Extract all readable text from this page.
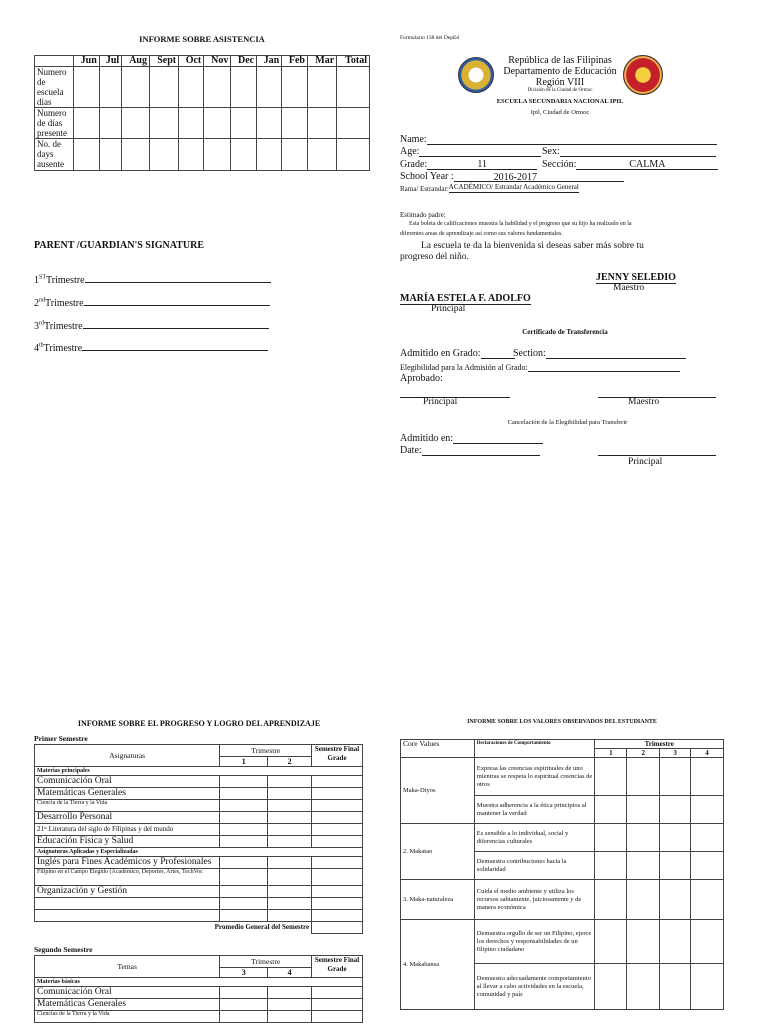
INFORME SOBRE ASISTENCIA
	Jun	Jul	Aug	Sept	Oct	Nov	Dec	Jan	Feb	Mar	Total
Numero de escuela dias											
Numero de días presente											
No. de days ausente											
PARENT /GUARDIAN'S SIGNATURE
1STTrimestre
2ndTrimestre
3rdTrimestre
4thTrimestre
Formulario 138 del DepEd
República de las Filipinas
Departamento de Educación
Región VIII
División de la Ciudad de Ormoc
ESCUELA SECUNDARIA NACIONAL IPIL
Ipil, Ciudad de Ormoc
Name:
Age:	Sex:
Grade:	11	Sección:	CALMA
School Year :	2016-2017
Rama/ Estrandar:ACADÉMICO/ Estrandar Académico General
Estimado padre:
Esta boleta de calificaciones muestra la habilidad y el progreso que su hijo ha realizado en la
diferentes areas de aprendizaje así como sus valores fundamentales.
La escuela te da la bienvenida si deseas saber más sobre tu
progreso del niño.
JENNY SELEDIO
Maestro
MARÍA ESTELA F. ADOLFO
Principal
Certificado de Transferencia
Admitido en Grado:	Section:
Elegibilidad para la Admisión al Grado:
Aprobado:
Principal	Maestro
Cancelación de la Elegibilidad para Transferir
Admitido en:
Date:
Principal
INFORME SOBRE EL PROGRESO Y LOGRO DEL APRENDIZAJE
Primer Semestre
Asignaturas	Trimestre		Semestre Final Grade
	1	2	
Materias principales			
Comunicación Oral			
Matemáticas Generales			
Ciencia de la Tierra y la Vida			
Desarrollo Personal			
21ˢᵗ Literatura del siglo de Filipinas y del mundo			
Educación Física y Salud			
Asignaturas Aplicadas y Especializadas			
Inglés para Fines Académicos y Profesionales			
Filipino en el Campo Elegido (Académico, Deportes, Artes, TechVoc			
Organización y Gestión			

Promedio General del Semestre			
Segundo Semestre
Temas	Trimestre		Semestre Final Grade
	3	4	
Materias básicas			
Comunicación Oral			
Matemáticas Generales			
Ciencias de la Tierra y la Vida			
INFORME SOBRE LOS VALORES OBSERVADOS DEL ESTUDIANTE
Core Values	Declaraciones de Comportamiento	Trimestre			
		1	2	3	4
Maka-Diyos	Expresa las creencias espirituales de uno mientras se respeta lo espiritual creencias de otros				
	Muestra adherencia a la ética principios al mantener la verdad				
2. Makatao	Es sensible a lo individual, social y diferencias culturales				
	Demuestra contribuciones hacia la solidaridad				
3. Maka-naturaleza	Cuida el medio ambiente y utiliza los recursos sabiamente, juiciosamente y de manera económica				
4. Makabansa	Demuestra orgullo de ser un Filipino, ejerce los derechos y responsabilidades de un filipino ciudadano				
	Demuestra adecuadamente comportamiento al llevar a cabo actividades en la escuela, comunidad y país				
